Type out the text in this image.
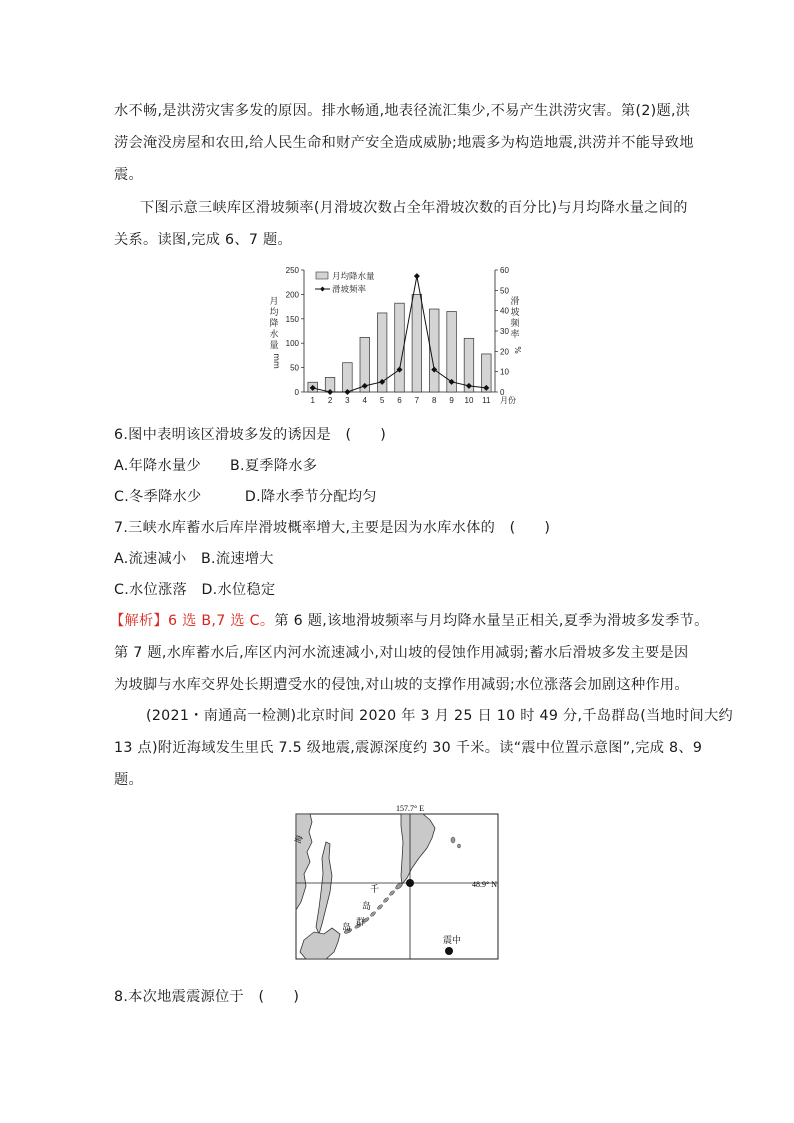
水不畅,是洪涝灾害多发的原因。排水畅通,地表径流汇集少,不易产生洪涝灾害。第(2)题,洪
涝会淹没房屋和农田,给人民生命和财产安全造成威胁;地震多为构造地震,洪涝并不能导致地
震。
下图示意三峡库区滑坡频率(月滑坡次数占全年滑坡次数的百分比)与月均降水量之间的
关系。读图,完成 6、7 题。
0
50
100
150
200
250
0
10
20
30
40
50
60
月
均
降
水
量
mm
滑
坡
频
率
%
1 2 3 4 5 6 7 8 9 10 11 月份
月均降水量
滑坡频率
6.图中表明该区滑坡多发的诱因是　(　　)
A.年降水量少　　B.夏季降水多
C.冬季降水少　　　D.降水季节分配均匀
7.三峡水库蓄水后库岸滑坡概率增大,主要是因为水库水体的　(　　)
A.流速减小　B.流速增大
C.水位涨落　D.水位稳定
【解析】6 选 B,7 选 C。第 6 题,该地滑坡频率与月均降水量呈正相关,夏季为滑坡多发季节。
第 7 题,水库蓄水后,库区内河水流速减小,对山坡的侵蚀作用减弱;蓄水后滑坡多发主要是因
为坡脚与水库交界处长期遭受水的侵蚀,对山坡的支撑作用减弱;水位涨落会加剧这种作用。
(2021・南通高一检测)北京时间 2020 年 3 月 25 日 10 时 49 分,千岛群岛(当地时间大约
13 点)附近海域发生里氏 7.5 级地震,震源深度约 30 千米。读“震中位置示意图”,完成 8、9
题。
157.7° E
48.9° N
震中
千
岛
群
岛
海
8.本次地震震源位于　(　　)
